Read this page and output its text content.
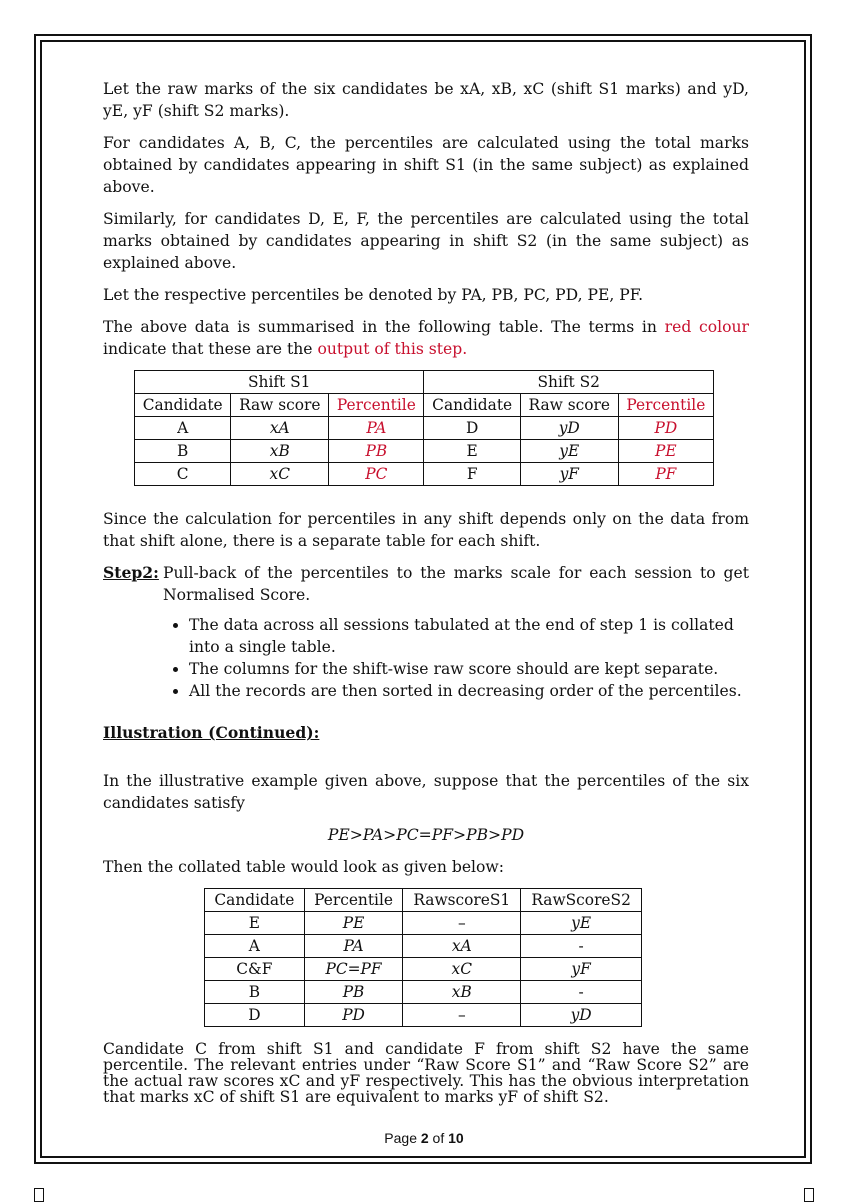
Let the raw marks of the six candidates be xA, xB, xC (shift S1 marks) and yD, yE, yF (shift S2 marks).

For candidates A, B, C, the percentiles are calculated using the total marks obtained by candidates appearing in shift S1 (in the same subject) as explained above.

Similarly, for candidates D, E, F, the percentiles are calculated using the total marks obtained by candidates appearing in shift S2 (in the same subject) as explained above.

Let the respective percentiles be denoted by PA, PB, PC, PD, PE, PF.

The above data is summarised in the following table. The terms in red colour indicate that these are the output of this step.

Shift S1			Shift S2		
Candidate	Raw score	Percentile	Candidate	Raw score	Percentile
A	xA	PA	D	yD	PD
B	xB	PB	E	yE	PE
C	xC	PC	F	yF	PF

Since the calculation for percentiles in any shift depends only on the data from that shift alone, there is a separate table for each shift.

Step2: Pull-back of the percentiles to the marks scale for each session to get Normalised Score.
• The data across all sessions tabulated at the end of step 1 is collated into a single table.
• The columns for the shift-wise raw score should are kept separate.
• All the records are then sorted in decreasing order of the percentiles.
Illustration (Continued):

In the illustrative example given above, suppose that the percentiles of the six candidates satisfy

PE>PA>PC=PF>PB>PD

Then the collated table would look as given below:

Candidate	Percentile	RawscoreS1	RawScoreS2
E	PE	–	yE
A	PA	xA	-
C&F	PC=PF	xC	yF
B	PB	xB	-
D	PD	–	yD

Candidate C from shift S1 and candidate F from shift S2 have the same percentile. The relevant entries under “Raw Score S1” and “Raw Score S2” are the actual raw scores xC and yF respectively. This has the obvious interpretation that marks xC of shift S1 are equivalent to marks yF of shift S2.

Page 2 of 10
